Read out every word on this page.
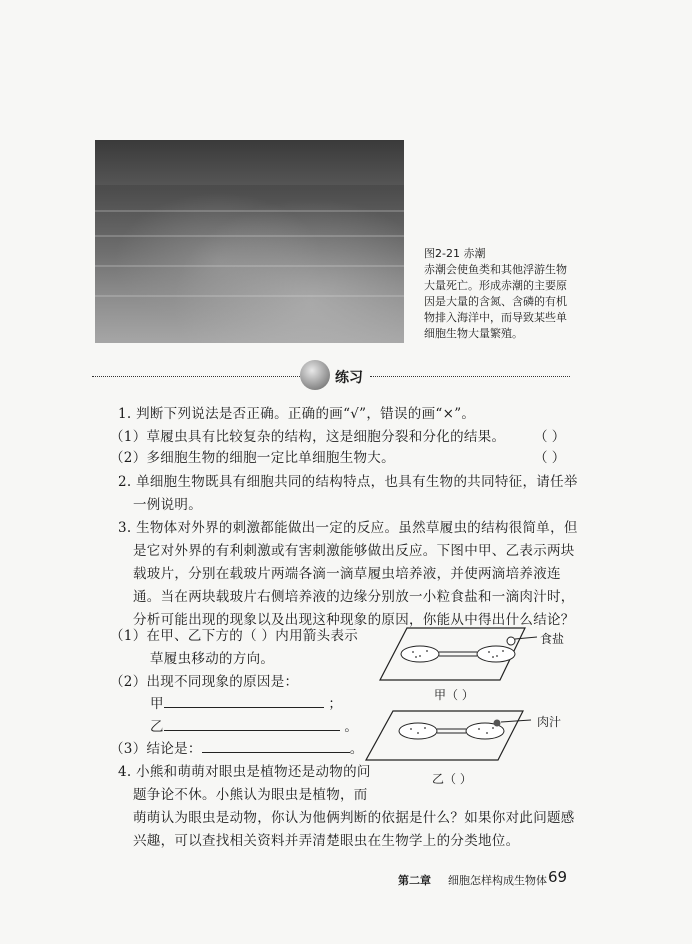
图2-21 赤潮
赤潮会使鱼类和其他浮游生物
大量死亡。形成赤潮的主要原
因是大量的含氮、含磷的有机
物排入海洋中，而导致某些单
细胞生物大量繁殖。
练习
1. 判断下列说法是否正确。正确的画“√”，错误的画“×”。
（1）草履虫具有比较复杂的结构，这是细胞分裂和分化的结果。 （ ）
（2）多细胞生物的细胞一定比单细胞生物大。	（ ）
2. 单细胞生物既具有细胞共同的结构特点，也具有生物的共同特征，请任举
一例说明。
3. 生物体对外界的刺激都能做出一定的反应。虽然草履虫的结构很简单，但
是它对外界的有利刺激或有害刺激能够做出反应。下图中甲、乙表示两块
载玻片，分别在载玻片两端各滴一滴草履虫培养液，并使两滴培养液连
通。当在两块载玻片右侧培养液的边缘分别放一小粒食盐和一滴肉汁时，
分析可能出现的现象以及出现这种现象的原因，你能从中得出什么结论？
（1）在甲、乙下方的（ ）内用箭头表示
草履虫移动的方向。
（2）出现不同现象的原因是：
甲	；
乙	。
（3）结论是：	。
食盐
甲（ ）
肉汁
乙（ ）
4. 小熊和萌萌对眼虫是植物还是动物的问
题争论不休。小熊认为眼虫是植物，而
萌萌认为眼虫是动物，你认为他俩判断的依据是什么？如果你对此问题感
兴趣，可以查找相关资料并弄清楚眼虫在生物学上的分类地位。
第二章 细胞怎样构成生物体 69
